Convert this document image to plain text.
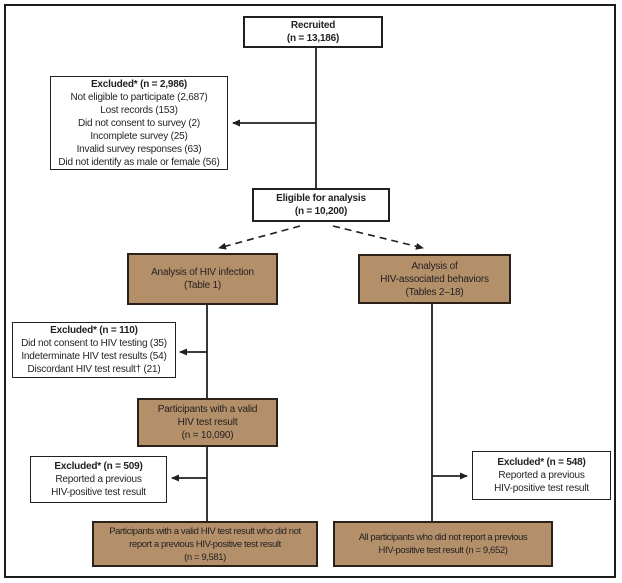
Recruited
(n = 13,186)
Excluded* (n = 2,986)
Not eligible to participate (2,687)
Lost records (153)
Did not consent to survey (2)
Incomplete survey (25)
Invalid survey responses (63)
Did not identify as male or female (56)
Eligible for analysis
(n = 10,200)
Analysis of HIV infection
(Table 1)
Analysis of
HIV-associated behaviors
(Tables 2–18)
Excluded* (n = 110)
Did not consent to HIV testing (35)
Indeterminate HIV test results (54)
Discordant HIV test result† (21)
Participants with a valid
HIV test result
(n = 10,090)
Excluded* (n = 509)
Reported a previous
HIV-positive test result
Excluded* (n = 548)
Reported a previous
HIV-positive test result
Participants with a valid HIV test result who did not
report a previous HIV-positive test result
(n = 9,581)
All participants who did not report a previous
HIV-positive test result (n = 9,652)
